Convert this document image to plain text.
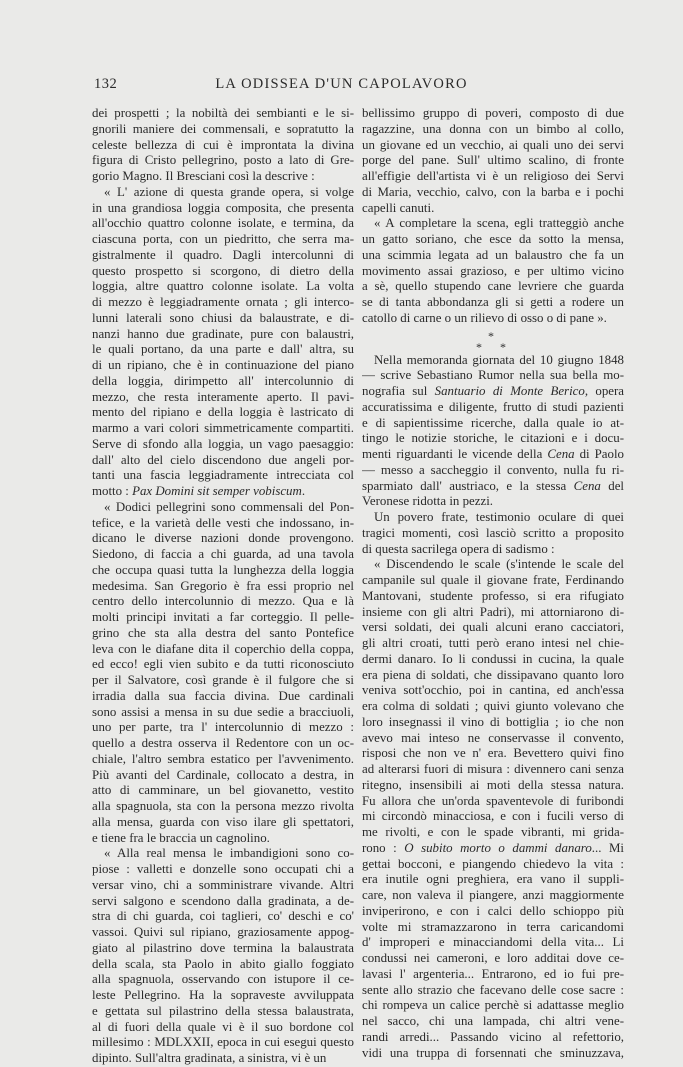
132	LA ODISSEA D'UN CAPOLAVORO
dei prospetti ; la nobiltà dei sembianti e le si-
gnorili maniere dei commensali, e sopratutto la
celeste bellezza di cui è improntata la divina
figura di Cristo pellegrino, posto a lato di Gre-
gorio Magno. Il Bresciani così la descrive :
« L' azione di questa grande opera, si volge
in una grandiosa loggia composita, che presenta
all'occhio quattro colonne isolate, e termina, da
ciascuna porta, con un piedritto, che serra ma-
gistralmente il quadro. Dagli intercolunni di
questo prospetto si scorgono, di dietro della
loggia, altre quattro colonne isolate. La volta
di mezzo è leggiadramente ornata ; gli interco-
lunni laterali sono chiusi da balaustrate, e di-
nanzi hanno due gradinate, pure con balaustri,
le quali portano, da una parte e dall' altra, su
di un ripiano, che è in continuazione del piano
della loggia, dirimpetto all' intercolunnio di
mezzo, che resta interamente aperto. Il pavi-
mento del ripiano e della loggia è lastricato di
marmo a vari colori simmetricamente compartiti.
Serve di sfondo alla loggia, un vago paesaggio:
dall' alto del cielo discendono due angeli por-
tanti una fascia leggiadramente intrecciata col
motto : Pax Domini sit semper vobiscum.
« Dodici pellegrini sono commensali del Pon-
tefice, e la varietà delle vesti che indossano, in-
dicano le diverse nazioni donde provengono.
Siedono, di faccia a chi guarda, ad una tavola
che occupa quasi tutta la lunghezza della loggia
medesima. San Gregorio è fra essi proprio nel
centro dello intercolunnio di mezzo. Qua e là
molti principi invitati a far corteggio. Il pelle-
grino che sta alla destra del santo Pontefice
leva con le diafane dita il coperchio della coppa,
ed ecco! egli vien subito e da tutti riconosciuto
per il Salvatore, così grande è il fulgore che si
irradia dalla sua faccia divina. Due cardinali
sono assisi a mensa in su due sedie a bracciuoli,
uno per parte, tra l' intercolunnio di mezzo :
quello a destra osserva il Redentore con un oc-
chiale, l'altro sembra estatico per l'avvenimento.
Più avanti del Cardinale, collocato a destra, in
atto di camminare, un bel giovanetto, vestito
alla spagnuola, sta con la persona mezzo rivolta
alla mensa, guarda con viso ilare gli spettatori,
e tiene fra le braccia un cagnolino.
« Alla real mensa le imbandigioni sono co-
piose : valletti e donzelle sono occupati chi a
versar vino, chi a somministrare vivande. Altri
servi salgono e scendono dalla gradinata, a de-
stra di chi guarda, coi taglieri, co' deschi e co'
vassoi. Quivi sul ripiano, graziosamente appog-
giato al pilastrino dove termina la balaustrata
della scala, sta Paolo in abito giallo foggiato
alla spagnuola, osservando con istupore il ce-
leste Pellegrino. Ha la sopraveste avviluppata
e gettata sul pilastrino della stessa balaustrata,
al di fuori della quale vi è il suo bordone col
millesimo : MDLXXII, epoca in cui esegui questo
dipinto. Sull'altra gradinata, a sinistra, vi è un
bellissimo gruppo di poveri, composto di due
ragazzine, una donna con un bimbo al collo,
un giovane ed un vecchio, ai quali uno dei servi
porge del pane. Sull' ultimo scalino, di fronte
all'effigie dell'artista vi è un religioso dei Servi
di Maria, vecchio, calvo, con la barba e i pochi
capelli canuti.
« A completare la scena, egli tratteggiò anche
un gatto soriano, che esce da sotto la mensa,
una scimmia legata ad un balaustro che fa un
movimento assai grazioso, e per ultimo vicino
a sè, quello stupendo cane levriere che guarda
se di tanta abbondanza gli si getti a rodere un
catollo di carne o un rilievo di osso o di pane ».
*
* *
Nella memoranda giornata del 10 giugno 1848
— scrive Sebastiano Rumor nella sua bella mo-
nografia sul Santuario di Monte Berico, opera
accuratissima e diligente, frutto di studi pazienti
e di sapientissime ricerche, dalla quale io at-
tingo le notizie storiche, le citazioni e i docu-
menti riguardanti le vicende della Cena di Paolo
— messo a saccheggio il convento, nulla fu ri-
sparmiato dall' austriaco, e la stessa Cena del
Veronese ridotta in pezzi.
Un povero frate, testimonio oculare di quei
tragici momenti, così lasciò scritto a proposito
di questa sacrilega opera di sadismo :
« Discendendo le scale (s'intende le scale del
campanile sul quale il giovane frate, Ferdinando
Mantovani, studente professo, si era rifugiato
insieme con gli altri Padri), mi attorniarono di-
versi soldati, dei quali alcuni erano cacciatori,
gli altri croati, tutti però erano intesi nel chie-
dermi danaro. Io li condussi in cucina, la quale
era piena di soldati, che dissipavano quanto loro
veniva sott'occhio, poi in cantina, ed anch'essa
era colma di soldati ; quivi giunto volevano che
loro insegnassi il vino di bottiglia ; io che non
avevo mai inteso ne conservasse il convento,
risposi che non ve n' era. Bevettero quivi fino
ad alterarsi fuori di misura : divennero cani senza
ritegno, insensibili ai moti della stessa natura.
Fu allora che un'orda spaventevole di furibondi
mi circondò minacciosa, e con i fucili verso di
me rivolti, e con le spade vibranti, mi grida-
rono : O subito morto o dammi danaro... Mi
gettai bocconi, e piangendo chiedevo la vita :
era inutile ogni preghiera, era vano il suppli-
care, non valeva il piangere, anzi maggiormente
inviperirono, e con i calci dello schioppo più
volte mi stramazzarono in terra caricandomi
d' improperi e minacciandomi della vita... Li
condussi nei cameroni, e loro additai dove ce-
lavasi l' argenteria... Entrarono, ed io fui pre-
sente allo strazio che facevano delle cose sacre :
chi rompeva un calice perchè si adattasse meglio
nel sacco, chi una lampada, chi altri vene-
randi arredi... Passando vicino al refettorio,
vidi una truppa di forsennati che sminuzzava,
